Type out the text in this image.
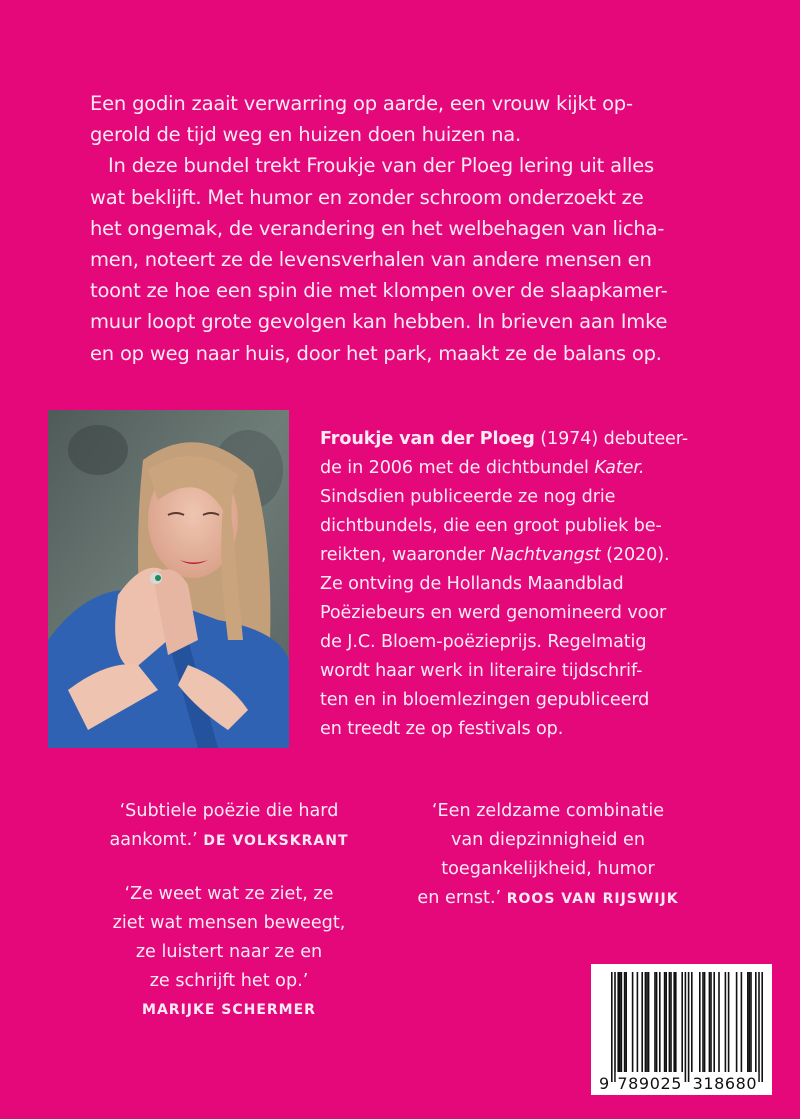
Een godin zaait verwarring op aarde, een vrouw kijkt op-
gerold de tijd weg en huizen doen huizen na.
In deze bundel trekt Froukje van der Ploeg lering uit alles
wat beklijft. Met humor en zonder schroom onderzoekt ze
het ongemak, de verandering en het welbehagen van licha-
men, noteert ze de levensverhalen van andere mensen en
toont ze hoe een spin die met klompen over de slaapkamer-
muur loopt grote gevolgen kan hebben. In brieven aan Imke
en op weg naar huis, door het park, maakt ze de balans op.
Froukje van der Ploeg (1974) debuteer-
de in 2006 met de dichtbundel Kater.
Sindsdien publiceerde ze nog drie
dichtbundels, die een groot publiek be-
reikten, waaronder Nachtvangst (2020).
Ze ontving de Hollands Maandblad
Poëziebeurs en werd genomineerd voor
de J.C. Bloem-poëzieprijs. Regelmatig
wordt haar werk in literaire tijdschrif-
ten en in bloemlezingen gepubliceerd
en treedt ze op festivals op.
‘Subtiele poëzie die hard
aankomt.’ DE VOLKSKRANT
‘Ze weet wat ze ziet, ze
ziet wat mensen beweegt,
ze luistert naar ze en
ze schrijft het op.’
MARIJKE SCHERMER
‘Een zeldzame combinatie
van diepzinnigheid en
toegankelijkheid, humor
en ernst.’ ROOS VAN RIJSWIJK
9 789025 318680
